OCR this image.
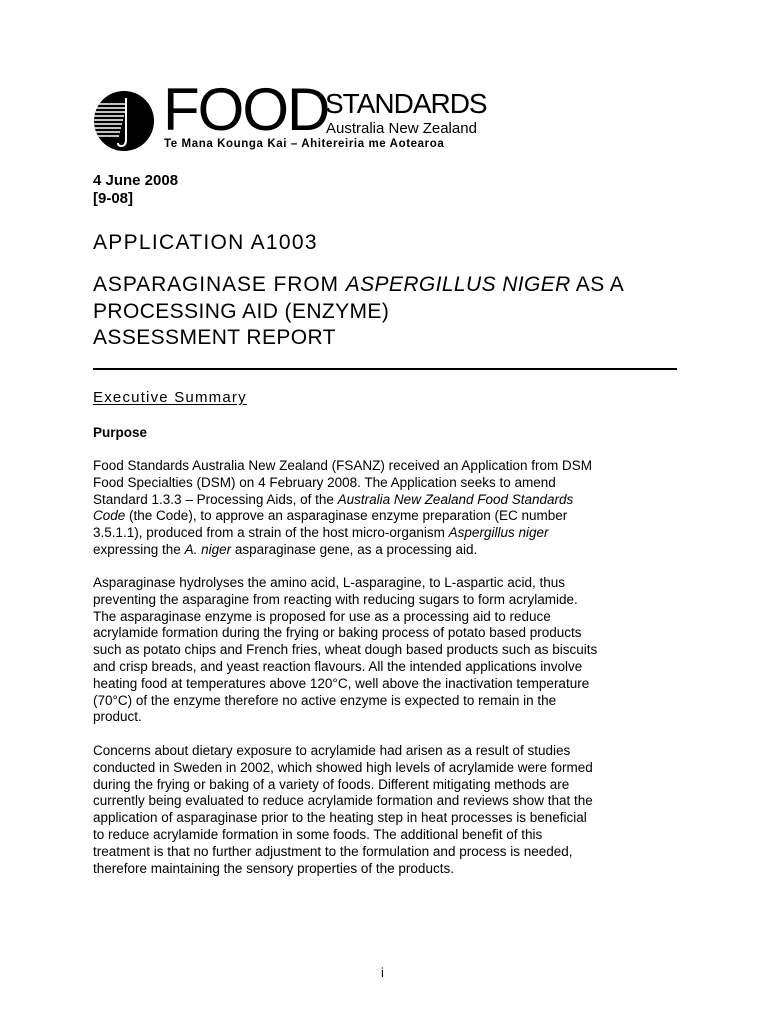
FOOD
STANDARDS
Australia New Zealand
Te Mana Kounga Kai – Ahitereiria me Aotearoa
4 June 2008
[9-08]
APPLICATION A1003
ASPARAGINASE FROM ASPERGILLUS NIGER AS A
PROCESSING AID (ENZYME)
ASSESSMENT REPORT
Executive Summary
Purpose
Food Standards Australia New Zealand (FSANZ) received an Application from DSM
Food Specialties (DSM) on 4 February 2008. The Application seeks to amend
Standard 1.3.3 – Processing Aids, of the Australia New Zealand Food Standards
Code (the Code), to approve an asparaginase enzyme preparation (EC number
3.5.1.1), produced from a strain of the host micro-organism Aspergillus niger
expressing the A. niger asparaginase gene, as a processing aid.
Asparaginase hydrolyses the amino acid, L-asparagine, to L-aspartic acid, thus
preventing the asparagine from reacting with reducing sugars to form acrylamide.
The asparaginase enzyme is proposed for use as a processing aid to reduce
acrylamide formation during the frying or baking process of potato based products
such as potato chips and French fries, wheat dough based products such as biscuits
and crisp breads, and yeast reaction flavours. All the intended applications involve
heating food at temperatures above 120°C, well above the inactivation temperature
(70°C) of the enzyme therefore no active enzyme is expected to remain in the
product.
Concerns about dietary exposure to acrylamide had arisen as a result of studies
conducted in Sweden in 2002, which showed high levels of acrylamide were formed
during the frying or baking of a variety of foods. Different mitigating methods are
currently being evaluated to reduce acrylamide formation and reviews show that the
application of asparaginase prior to the heating step in heat processes is beneficial
to reduce acrylamide formation in some foods. The additional benefit of this
treatment is that no further adjustment to the formulation and process is needed,
therefore maintaining the sensory properties of the products.
i
